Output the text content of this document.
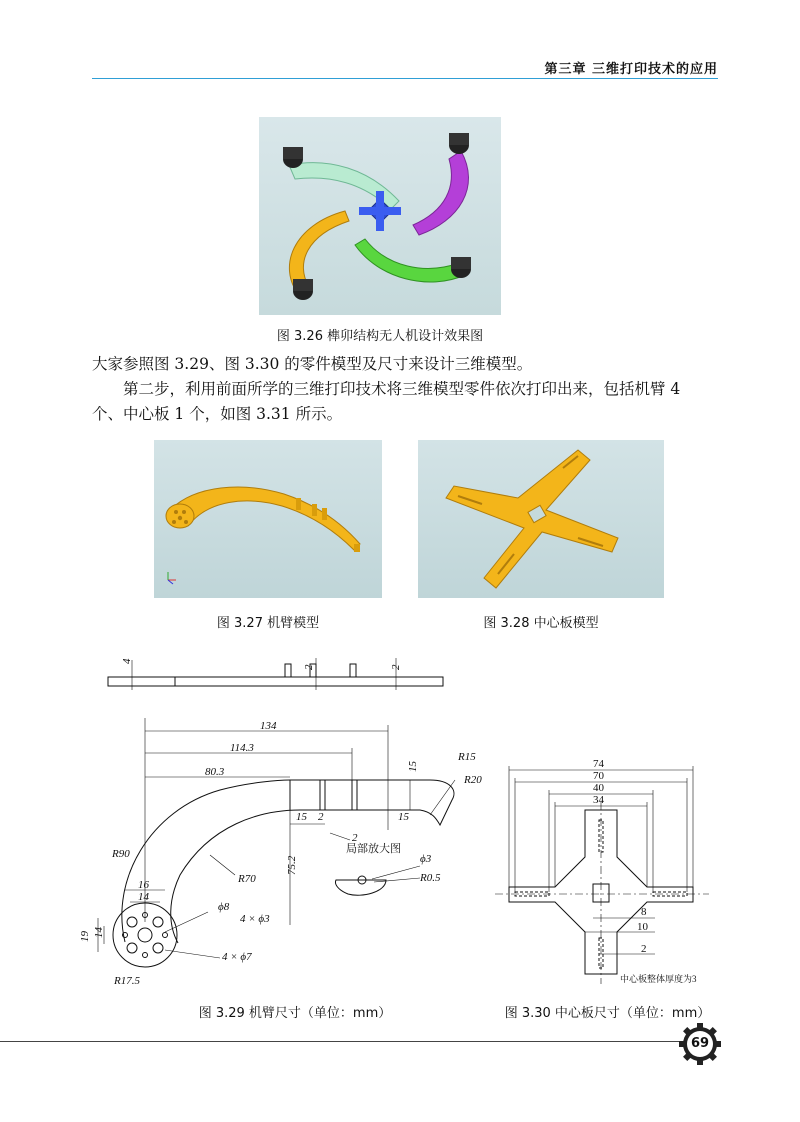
第三章 三维打印技术的应用
图 3.26 榫卯结构无人机设计效果图
大家参照图 3.29、图 3.30 的零件模型及尺寸来设计三维模型。
第二步，利用前面所学的三维打印技术将三维模型零件依次打印出来，包括机臂 4 个、中心板 1 个，如图 3.31 所示。
图 3.27 机臂模型	图 3.28 中心板模型
4
2	2
134
114.3
80.3	15
15 2
2
15
R15
R20
R90
R70
75.2
局部放大图
ϕ3
R0.5
16
14
ϕ8
4 × ϕ3
19 14
4 × ϕ7
R17.5
图 3.29 机臂尺寸（单位：mm）
74
70
40
34
8
10
2
中心板整体厚度为3
图 3.30 中心板尺寸（单位：mm）
69
